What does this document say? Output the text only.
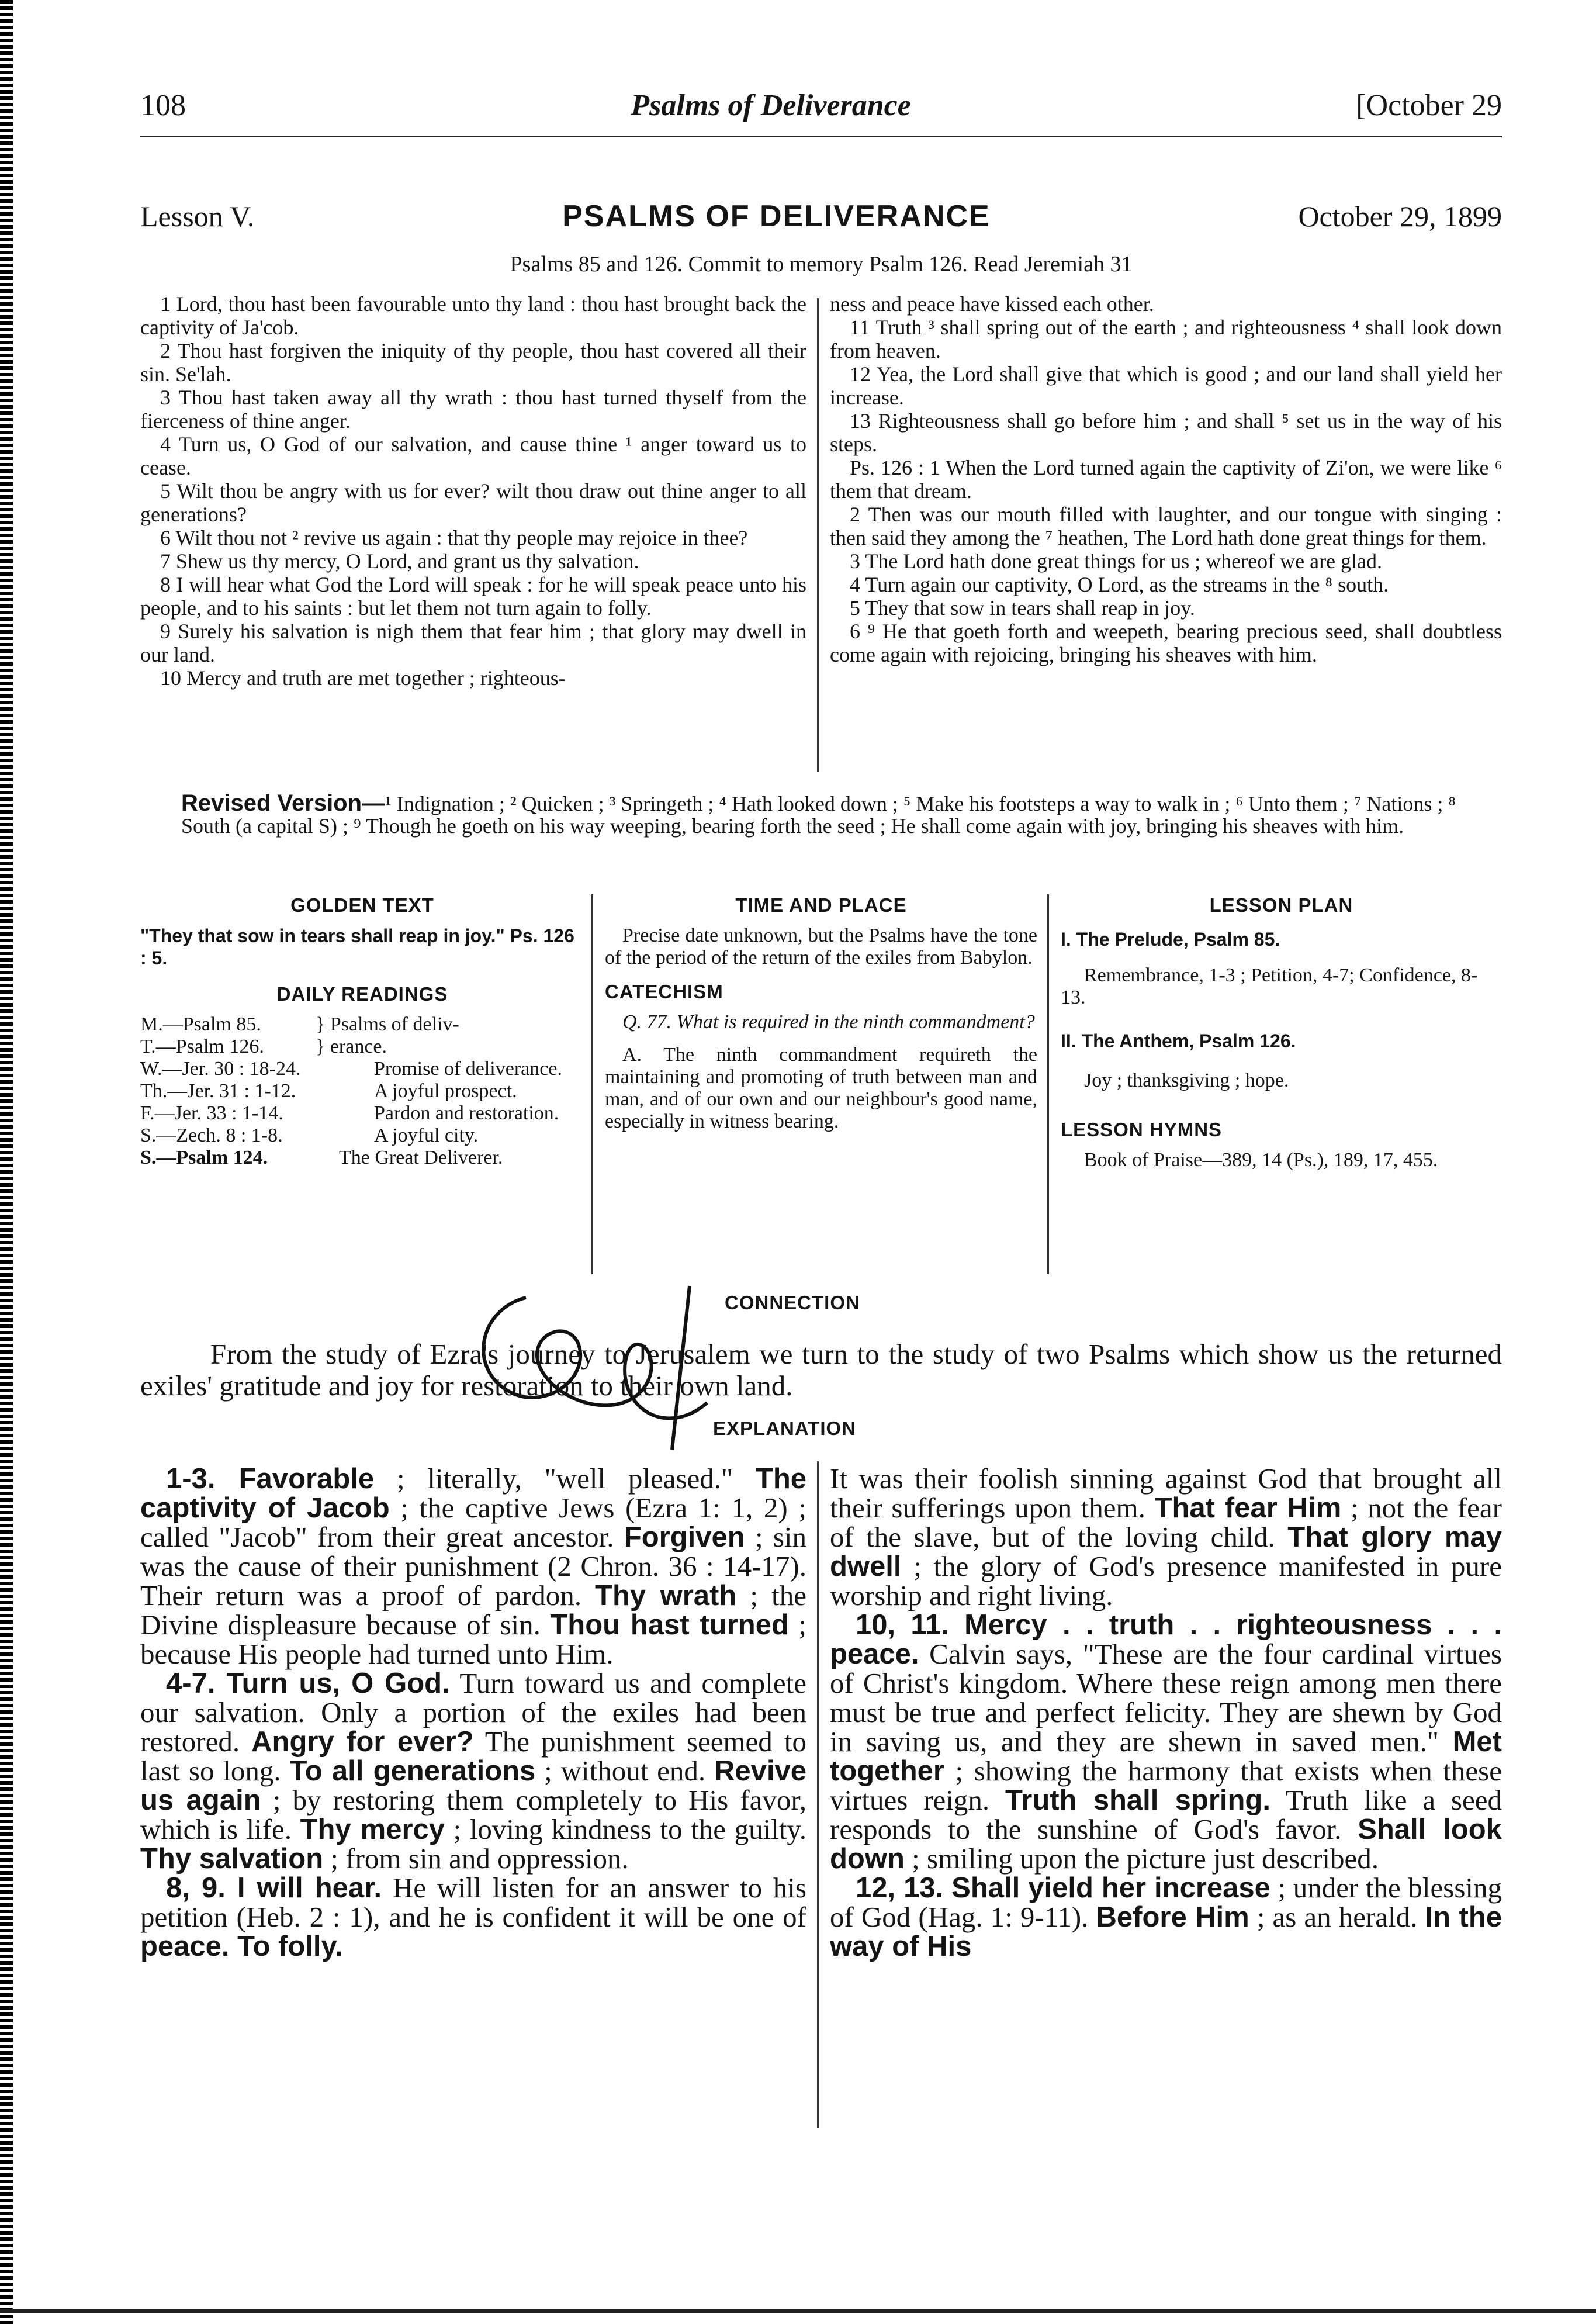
108	Psalms of Deliverance	[October 29
Lesson V.	PSALMS OF DELIVERANCE	October 29, 1899
Psalms 85 and 126. Commit to memory Psalm 126. Read Jeremiah 31

1 Lord, thou hast been favourable unto thy land : thou hast brought back the captivity of Ja'cob.

2 Thou hast forgiven the iniquity of thy people, thou hast covered all their sin. Se'lah.

3 Thou hast taken away all thy wrath : thou hast turned thyself from the fierceness of thine anger.

4 Turn us, O God of our salvation, and cause thine ¹ anger toward us to cease.

5 Wilt thou be angry with us for ever? wilt thou draw out thine anger to all generations?

6 Wilt thou not ² revive us again : that thy people may rejoice in thee?

7 Shew us thy mercy, O Lord, and grant us thy salvation.

8 I will hear what God the Lord will speak : for he will speak peace unto his people, and to his saints : but let them not turn again to folly.

9 Surely his salvation is nigh them that fear him ; that glory may dwell in our land.

10 Mercy and truth are met together ; righteous-

ness and peace have kissed each other.

11 Truth ³ shall spring out of the earth ; and righteousness ⁴ shall look down from heaven.

12 Yea, the Lord shall give that which is good ; and our land shall yield her increase.

13 Righteousness shall go before him ; and shall ⁵ set us in the way of his steps.

Ps. 126 : 1 When the Lord turned again the captivity of Zi'on, we were like ⁶ them that dream.

2 Then was our mouth filled with laughter, and our tongue with singing : then said they among the ⁷ heathen, The Lord hath done great things for them.

3 The Lord hath done great things for us ; whereof we are glad.

4 Turn again our captivity, O Lord, as the streams in the ⁸ south.

5 They that sow in tears shall reap in joy.

6 ⁹ He that goeth forth and weepeth, bearing precious seed, shall doubtless come again with rejoicing, bringing his sheaves with him.

Revised Version—¹ Indignation ; ² Quicken ; ³ Springeth ; ⁴ Hath looked down ; ⁵ Make his footsteps a way to walk in ; ⁶ Unto them ; ⁷ Nations ; ⁸ South (a capital S) ; ⁹ Though he goeth on his way weeping, bearing forth the seed ; He shall come again with joy, bringing his sheaves with him.
GOLDEN TEXT
"They that sow in tears shall reap in joy." Ps. 126 : 5.
DAILY READINGS
M.—Psalm 85.	} Psalms of deliv-
T.—Psalm 126.	} erance.
W.—Jer. 30 : 18-24.	Promise of deliverance.
Th.—Jer. 31 : 1-12.	A joyful prospect.
F.—Jer. 33 : 1-14.	Pardon and restoration.
S.—Zech. 8 : 1-8.	A joyful city.
S.—Psalm 124.	The Great Deliverer.
TIME AND PLACE
Precise date unknown, but the Psalms have the tone of the period of the return of the exiles from Babylon.
CATECHISM
Q. 77. What is required in the ninth commandment?
A. The ninth commandment requireth the maintaining and promoting of truth between man and man, and of our own and our neighbour's good name, especially in witness bearing.
LESSON PLAN
I. The Prelude, Psalm 85.
Remembrance, 1-3 ; Petition, 4-7; Confidence, 8-13.
II. The Anthem, Psalm 126.
Joy ; thanksgiving ; hope.
LESSON HYMNS
Book of Praise—389, 14 (Ps.), 189, 17, 455.
CONNECTION
From the study of Ezra's journey to Jerusalem we turn to the study of two Psalms which show us the returned exiles' gratitude and joy for restoration to their own land.
EXPLANATION

1-3. Favorable ; literally, "well pleased." The captivity of Jacob ; the captive Jews (Ezra 1: 1, 2) ; called "Jacob" from their great ancestor. Forgiven ; sin was the cause of their punishment (2 Chron. 36 : 14-17). Their return was a proof of pardon. Thy wrath ; the Divine displeasure because of sin. Thou hast turned ; because His people had turned unto Him.

4-7. Turn us, O God. Turn toward us and complete our salvation. Only a portion of the exiles had been restored. Angry for ever? The punishment seemed to last so long. To all generations ; without end. Revive us again ; by restoring them completely to His favor, which is life. Thy mercy ; loving kindness to the guilty. Thy salvation ; from sin and oppression.

8, 9. I will hear. He will listen for an answer to his petition (Heb. 2 : 1), and he is confident it will be one of peace. To folly.

It was their foolish sinning against God that brought all their sufferings upon them. That fear Him ; not the fear of the slave, but of the loving child. That glory may dwell ; the glory of God's presence manifested in pure worship and right living.

10, 11. Mercy . . truth . . righteousness . . . peace. Calvin says, "These are the four cardinal virtues of Christ's kingdom. Where these reign among men there must be true and perfect felicity. They are shewn by God in saving us, and they are shewn in saved men." Met together ; showing the harmony that exists when these virtues reign. Truth shall spring. Truth like a seed responds to the sunshine of God's favor. Shall look down ; smiling upon the picture just described.

12, 13. Shall yield her increase ; under the blessing of God (Hag. 1: 9-11). Before Him ; as an herald. In the way of His
